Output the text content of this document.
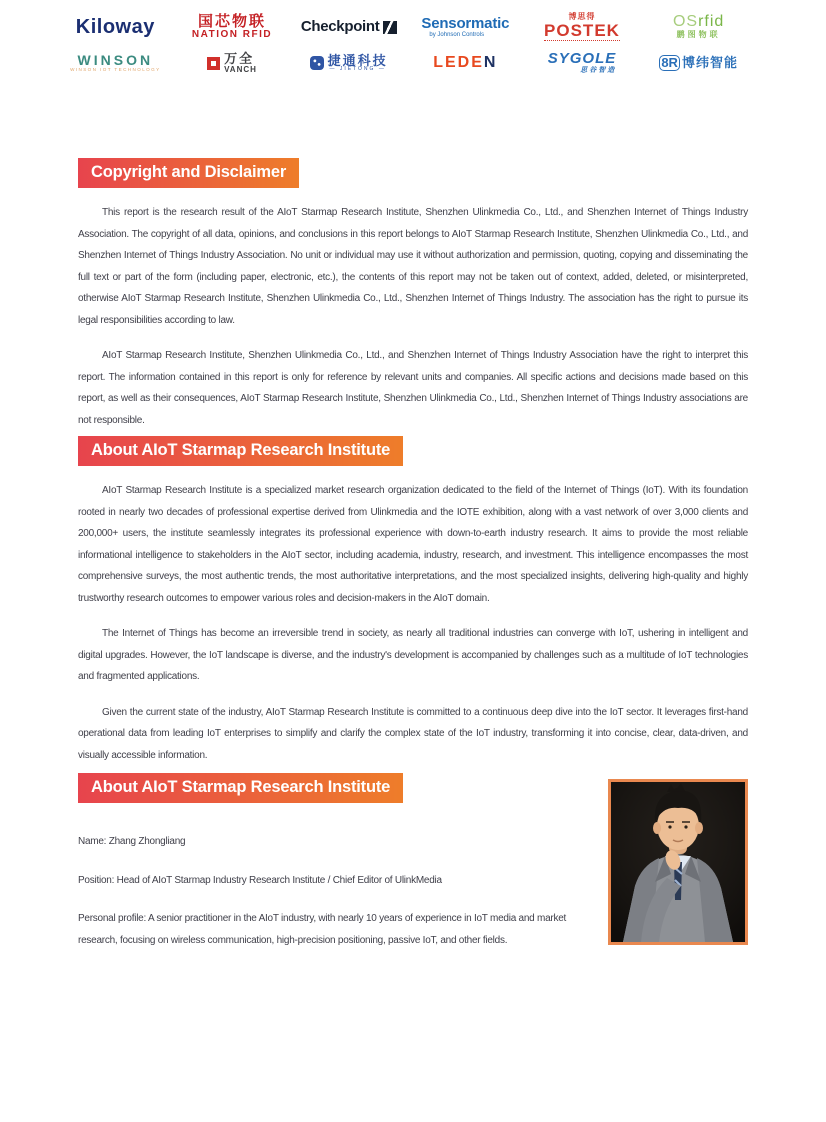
Kiloway	国芯物联
NATION RFID Checkpoint	Sensormatic
by Johnson Controls
博思得
POSTEK	OSrfid
鹏图物联
WINSON
WINSON IOT TECHNOLOGY
万全
VANCH
捷通科技
— JIETONG —	LEDEN	SYGOLE
思谷智造
8R 博纬智能
Copyright and Disclaimer

This report is the research result of the AIoT Starmap Research Institute, Shenzhen Ulinkmedia Co., Ltd., and Shenzhen Internet of Things Industry Association. The copyright of all data, opinions, and conclusions in this report belongs to AIoT Starmap Research Institute, Shenzhen Ulinkmedia Co., Ltd., and Shenzhen Internet of Things Industry Association. No unit or individual may use it without authorization and permission, quoting, copying and disseminating the full text or part of the form (including paper, electronic, etc.), the contents of this report may not be taken out of context, added, deleted, or misinterpreted, otherwise AIoT Starmap Research Institute, Shenzhen Ulinkmedia Co., Ltd., Shenzhen Internet of Things Industry. The association has the right to pursue its legal responsibilities according to law.

AIoT Starmap Research Institute, Shenzhen Ulinkmedia Co., Ltd., and Shenzhen Internet of Things Industry Association have the right to interpret this report. The information contained in this report is only for reference by relevant units and companies. All specific actions and decisions made based on this report, as well as their consequences, AIoT Starmap Research Institute, Shenzhen Ulinkmedia Co., Ltd., Shenzhen Internet of Things Industry associations are not responsible.

About AIoT Starmap Research Institute

AIoT Starmap Research Institute is a specialized market research organization dedicated to the field of the Internet of Things (IoT). With its foundation rooted in nearly two decades of professional expertise derived from Ulinkmedia and the IOTE exhibition, along with a vast network of over 3,000 clients and 200,000+ users, the institute seamlessly integrates its professional experience with down-to-earth industry research. It aims to provide the most reliable informational intelligence to stakeholders in the AIoT sector, including academia, industry, research, and investment. This intelligence encompasses the most comprehensive surveys, the most authentic trends, the most authoritative interpretations, and the most specialized insights, delivering high-quality and highly trustworthy research outcomes to empower various roles and decision-makers in the AIoT domain.

The Internet of Things has become an irreversible trend in society, as nearly all traditional industries can converge with IoT, ushering in intelligent and digital upgrades. However, the IoT landscape is diverse, and the industry's development is accompanied by challenges such as a multitude of IoT technologies and fragmented applications.

Given the current state of the industry, AIoT Starmap Research Institute is committed to a continuous deep dive into the IoT sector. It leverages first-hand operational data from leading IoT enterprises to simplify and clarify the complex state of the IoT industry, transforming it into concise, clear, data-driven, and visually accessible information.

About AIoT Starmap Research Institute

Name: Zhang Zhongliang

Position: Head of AIoT Starmap Industry Research Institute / Chief Editor of UlinkMedia

Personal profile: A senior practitioner in the AIoT industry, with nearly 10 years of experience in IoT media and market research, focusing on wireless communication, high-precision positioning, passive IoT, and other fields.
